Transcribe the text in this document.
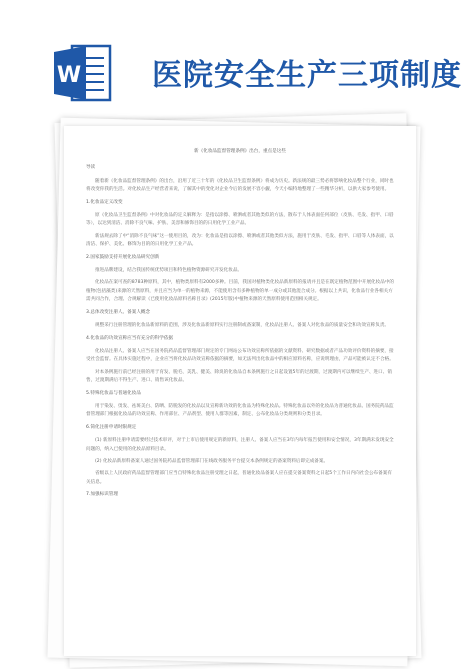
W 医院安全生产三项制度

新《化妆品监督管理条例》出台，重点是这些

导读

随着新《化妆品监督管理条例》的出台，沿用了近三十年的《化妆品卫生监督条例》将成为历史。新法规的最三势必将影响化妆品整个行业，同时也将改变你我的生活。对化妆品生产经营者来说，了解其中的变化对企业今后的发展不容小觑，今天小编特地整理了一些精华分析，以供大家参考使用。

1.化妆品定义改变

原《化妆品卫生监督条例》中对化妆品的定义解释为：是指以涂擦、喷洒或者其他类似的方法，散布于人体表面任何部位（皮肤、毛发、指甲、口唇等），以达到清洁、消除不良气味、护肤、美容和修饰目的的日用化学工业产品。

新法规去除了中“消除不良气味”这一使用目的，改为：化妆品是指以涂擦、喷洒或者其他类似方法，施用于皮肤、毛发、指甲、口唇等人体表面，以清洁、保护、美化、修饰为目的的日用化学工业产品。

2.国家鼓励支持开展化妆品研究创新

推进品牌建设，结合我国传统优势项目和特色植物资源研究开发化妆品。

化妆品在案可查的8783种原料，其中，植物类原料有2000多种。目前，我国对植物类化妆品新原料的报请并且是在既定植物范围中开展化妆品中的植物(包括藻类)来源的天然原料，并且应当为单一的植物来源，不能使用含有多种植物的单一成分或其他混合成分。根据以上共识，化妆品行业各相关方需共同合作，合理、合规解读《已使用化妆品原料名称目录》(2015年版)中植物来源的天然原料使用范围相关规定。

3.总体改变注册人、备案人概念

规整采行注册管理的化妆品新原料的范围，涉及化妆品新原料实行注册制或备案制，化妆品注册人、备案人对化妆品的质量安全和功效宣称负责。

4.化妆品的功效宣称应当有充分的科学依据

化妆品注册人、备案人应当在国务院药品监督管理部门规定的专门网站公布功效宣称所依据的文献资料、研究数据或者产品功效评价资料的摘要，接受社会监督。在具体实施过程中，企业应当将化妆品功效宣称依据的摘要，如无法列出化妆品中的相应原料名称，应说明理由，产品可能被认定不合格。

对本条例施行前已经注册的用于育发、脱毛、美乳、健美、除臭的化妆品自本条例施行之日起设置5年的过渡期，过渡期内可以继续生产、进口、销售，过渡期满后不得生产、进口、销售该化妆品。

5.特殊化妆品与普通化妆品

用于染发、烫发、祛斑美白、防晒、防脱发的化妆品以及宣称新功效的化妆品为特殊化妆品。特殊化妆品以外的化妆品为普通化妆品。国务院药品监督管理部门根据化妆品的功效宣称、作用部位、产品剂型、使用人群等因素，制定、公布化妆品分类规则和分类目录。

6.简化注册申请时限规定

(1) 新原料注册申请需要经过技术审评，对于上市后使用规定的新原料，注册人、备案人应当在3年内每年报告使用和安全情况，3年期满未发现安全问题的，纳入已使用的化妆品原料目录。

(2) 化妆品新原料备案人通过国务院药品监督管理部门在线政务服务平台提交本条例规定的备案资料后即完成备案。

省级以上人民政府药品监督管理部门应当自特殊化妆品注册受理之日起，普通化妆品备案人应在提交备案资料之日起5个工作日内向社会公布备案有关信息。

7.加强标识管理
